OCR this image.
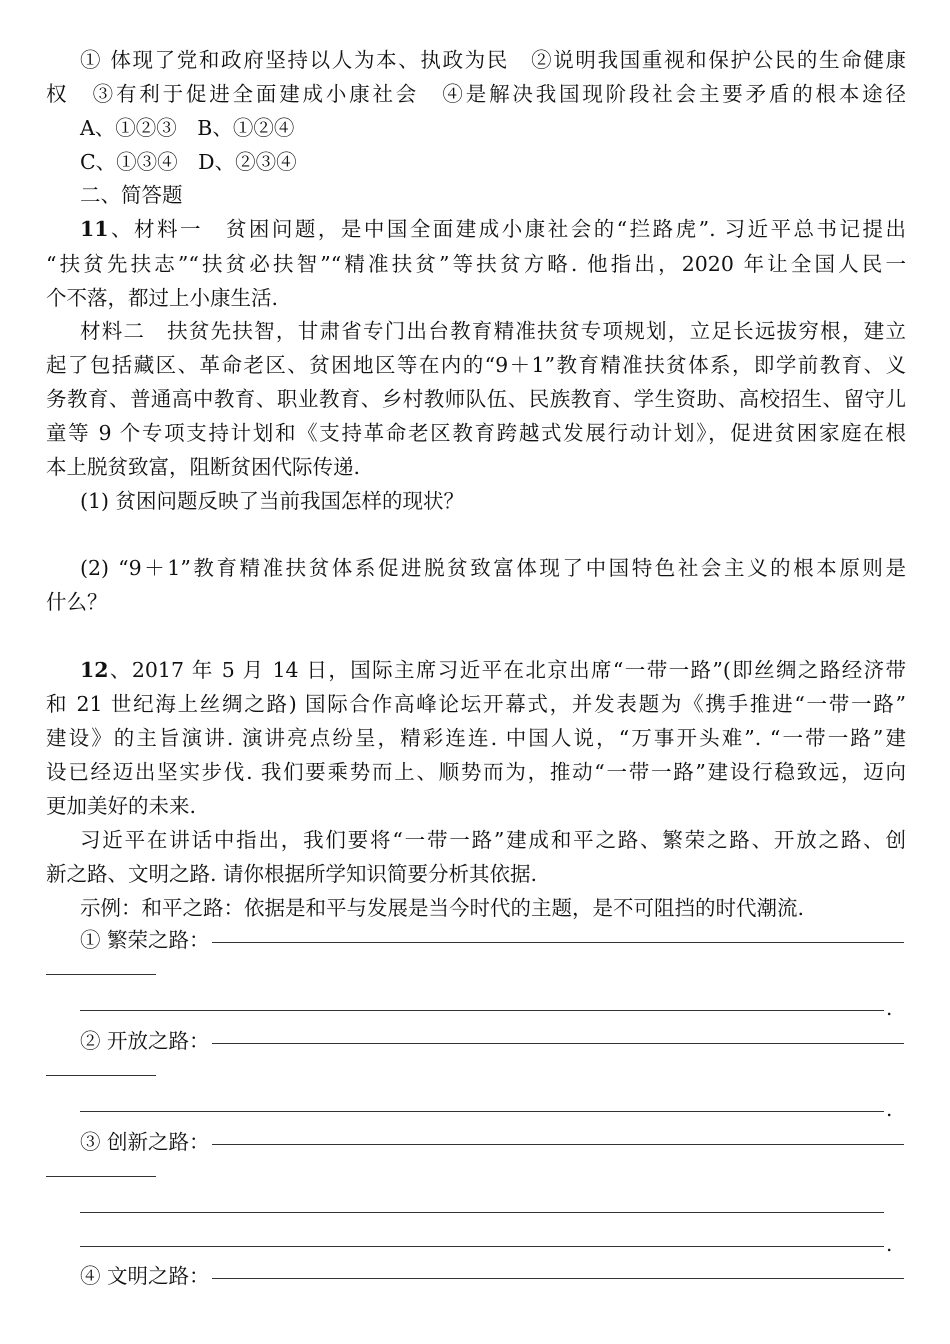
① 体现了党和政府坚持以人为本、执政为民　②说明我国重视和保护公民的生命健康
权　③有利于促进全面建成小康社会　④是解决我国现阶段社会主要矛盾的根本途径
A、①②③　B、①②④
C、①③④　D、②③④
二、简答题
11、材料一　贫困问题，是中国全面建成小康社会的“拦路虎”. 习近平总书记提出
“扶贫先扶志”“扶贫必扶智”“精准扶贫”等扶贫方略. 他指出，2020 年让全国人民一
个不落，都过上小康生活.
材料二　扶贫先扶智，甘肃省专门出台教育精准扶贫专项规划，立足长远拔穷根，建立
起了包括藏区、革命老区、贫困地区等在内的“9＋1”教育精准扶贫体系，即学前教育、义
务教育、普通高中教育、职业教育、乡村教师队伍、民族教育、学生资助、高校招生、留守儿
童等 9 个专项支持计划和《支持革命老区教育跨越式发展行动计划》，促进贫困家庭在根
本上脱贫致富，阻断贫困代际传递.
(1) 贫困问题反映了当前我国怎样的现状？
(2) “9＋1”教育精准扶贫体系促进脱贫致富体现了中国特色社会主义的根本原则是
什么？
12、2017 年 5 月 14 日，国际主席习近平在北京出席“一带一路”(即丝绸之路经济带
和 21 世纪海上丝绸之路) 国际合作高峰论坛开幕式，并发表题为《携手推进“一带一路”
建设》的主旨演讲. 演讲亮点纷呈，精彩连连. 中国人说，“万事开头难”. “一带一路”建
设已经迈出坚实步伐. 我们要乘势而上、顺势而为，推动“一带一路”建设行稳致远，迈向
更加美好的未来.
习近平在讲话中指出，我们要将“一带一路”建成和平之路、繁荣之路、开放之路、创
新之路、文明之路. 请你根据所学知识简要分析其依据.
示例：和平之路：依据是和平与发展是当今时代的主题，是不可阻挡的时代潮流.
① 繁荣之路：
.
② 开放之路：
.
③ 创新之路：
.
④ 文明之路：
